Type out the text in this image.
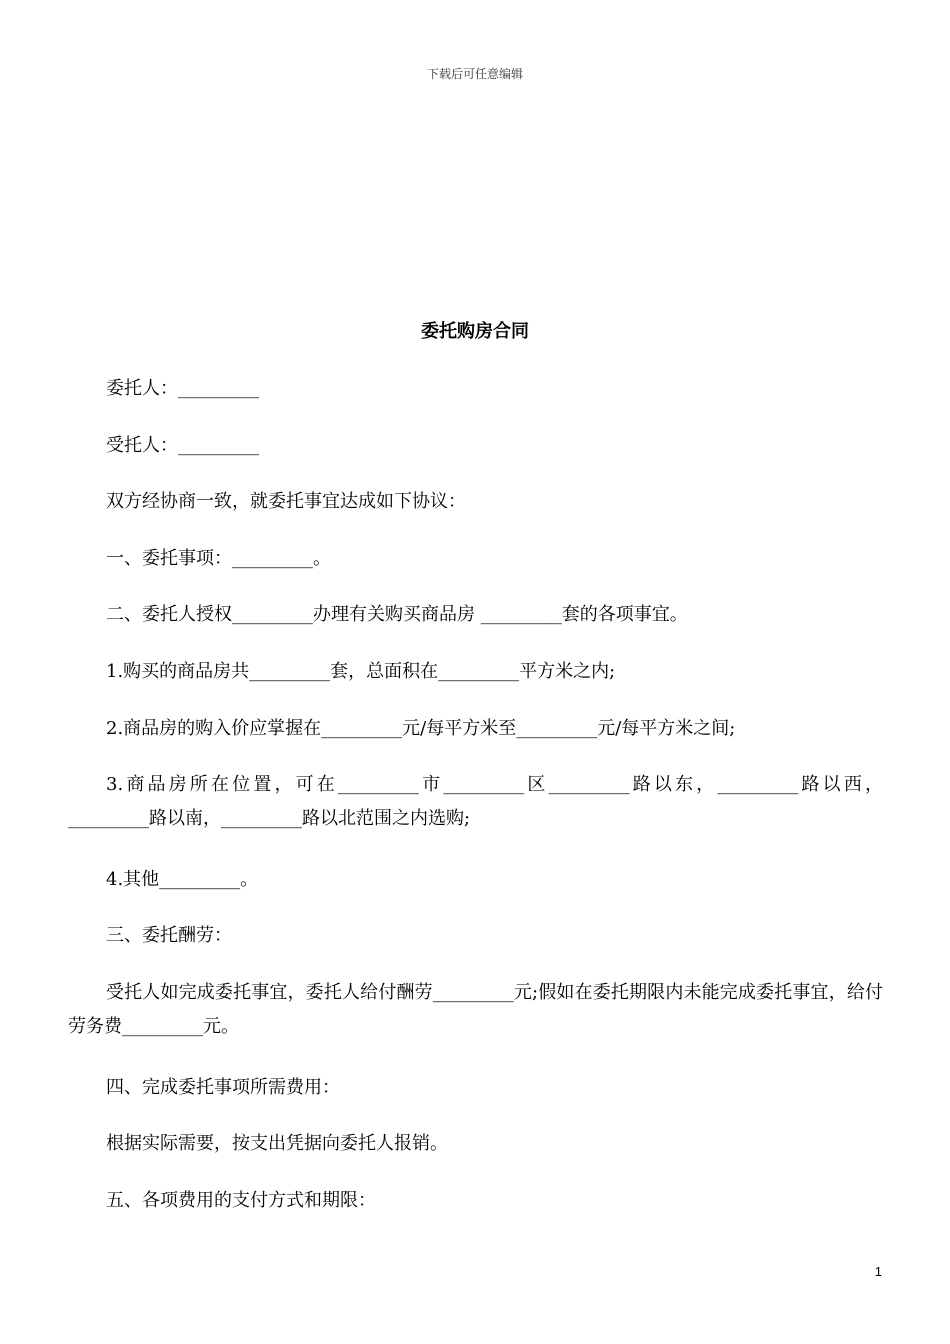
下载后可任意编辑
委托购房合同

委托人：_________

受托人：_________

双方经协商一致，就委托事宜达成如下协议：

一、委托事项：_________。

二、委托人授权_________办理有关购买商品房 _________套的各项事宜。

1.购买的商品房共_________套，总面积在_________平方米之内;

2.商品房的购入价应掌握在_________元/每平方米至_________元/每平方米之间;

3.商品房所在位置，可在_________市_________区_________路以东，_________路以西，_________路以南，_________路以北范围之内选购;

4.其他_________。

三、委托酬劳：

受托人如完成委托事宜，委托人给付酬劳_________元;假如在委托期限内未能完成委托事宜，给付劳务费_________元。

四、完成委托事项所需费用：

根据实际需要，按支出凭据向委托人报销。

五、各项费用的支付方式和期限：

1
